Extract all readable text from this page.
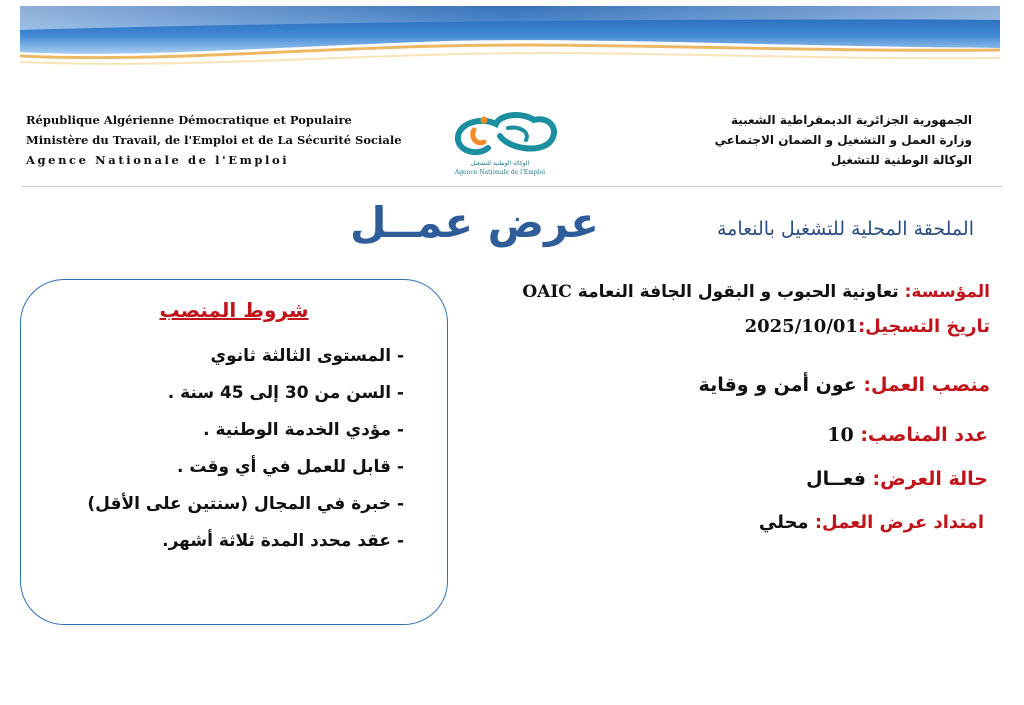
République Algérienne Démocratique et Populaire
Ministère du Travail, de l'Emploi et de La Sécurité Sociale
Agence Nationale de l'Emploi	الوكالة الوطنية للتشغيل
Agence Nationale de l'Emploi
الجمهورية الجزائرية الديمقراطية الشعبية
وزارة العمل و التشغيل و الضمان الاجتماعي
الوكالة الوطنية للتشغيل
عرض عمــل	الملحقة المحلية للتشغيل بالنعامة
المؤسسة: تعاونية الحبوب و البقول الجافة النعامة OAIC
تاريخ التسجيل:2025/10/01
منصب العمل: عون أمن و وقاية
عدد المناصب: 10
حالة العرض: فعــال
امتداد عرض العمل: محلي
شروط المنصب
- المستوى الثالثة ثانوي
- السن من 30 إلى 45 سنة .
- مؤدي الخدمة الوطنية .
- قابل للعمل في أي وقت .
- خبرة في المجال (سنتين على الأقل)
- عقد محدد المدة ثلاثة أشهر.
